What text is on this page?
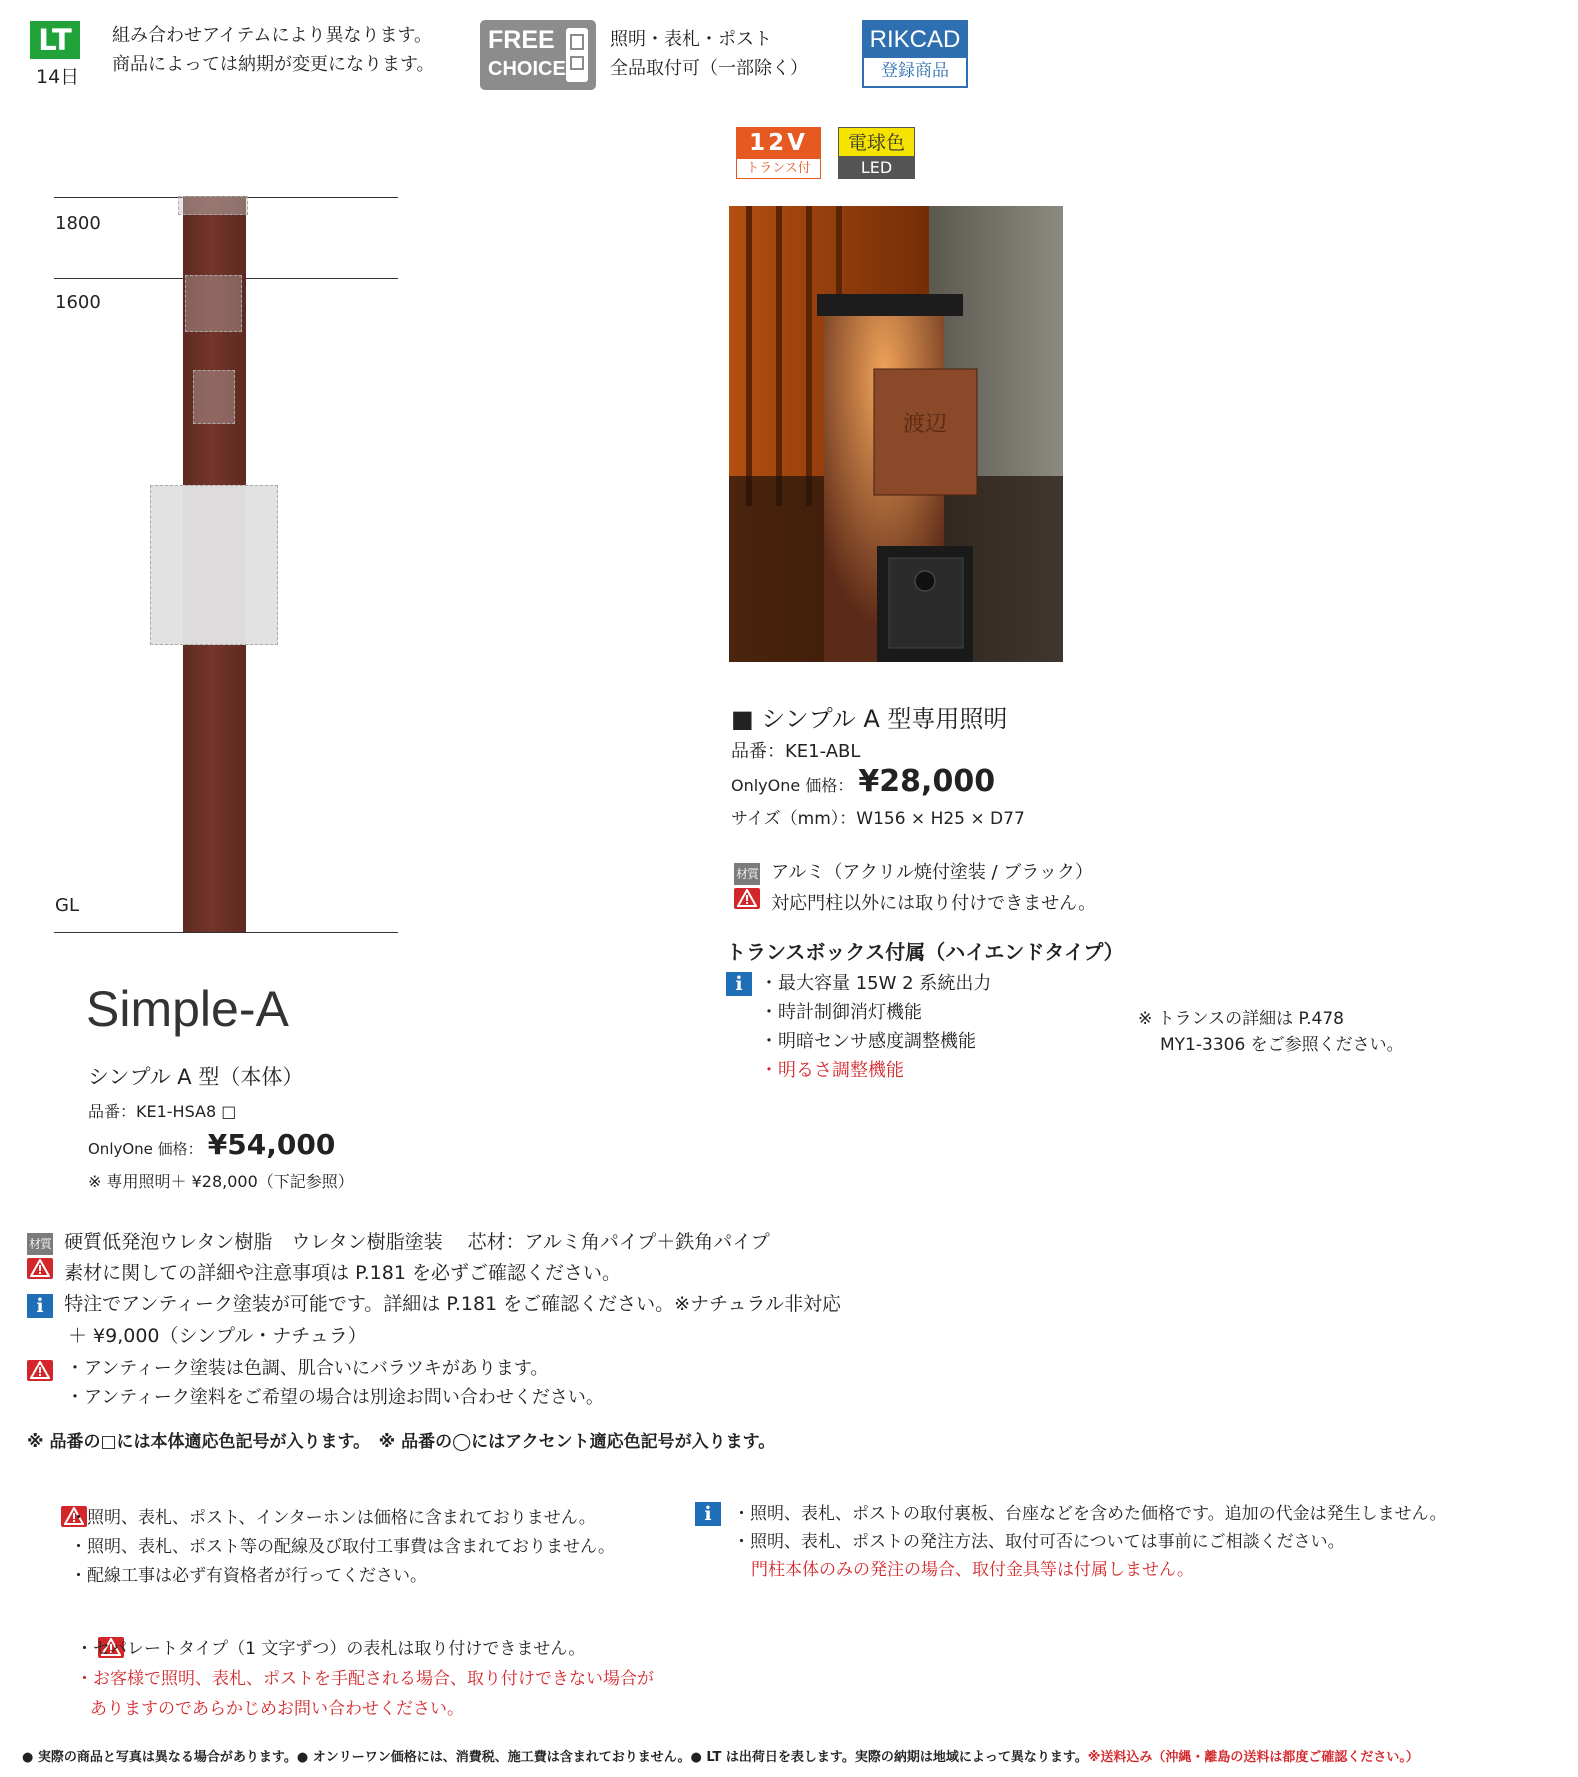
LT
14日
組み合わせアイテムにより異なります。
商品によっては納期が変更になります。
FREE
CHOICE
照明・表札・ポスト
全品取付可（一部除く）
RIKCAD
登録商品
12V
トランス付
電球色
LED
1800
1600
GL
Simple-A
シンプル A 型（本体）
品番：KE1-HSA8 □
OnlyOne 価格： ¥54,000
※ 専用照明＋ ¥28,000（下記参照）
渡辺
■ シンプル A 型専用照明
品番：KE1-ABL
OnlyOne 価格： ¥28,000
サイズ（mm）：W156 × H25 × D77
材質 アルミ（アクリル焼付塗装 / ブラック）
対応門柱以外には取り付けできません。
トランスボックス付属（ハイエンドタイプ）
i ・最大容量 15W 2 系統出力
・時計制御消灯機能
・明暗センサ感度調整機能
・明るさ調整機能
※ トランスの詳細は P.478
MY1-3306 をご参照ください。
材質 硬質低発泡ウレタン樹脂　ウレタン樹脂塗装　 芯材：アルミ角パイプ＋鉄角パイプ
素材に関しての詳細や注意事項は P.181 を必ずご確認ください。
i 特注でアンティーク塗装が可能です。詳細は P.181 をご確認ください。※ナチュラル非対応
＋ ¥9,000（シンプル・ナチュラ）

・アンティーク塗装は色調、肌合いにバラツキがあります。
・アンティーク塗料をご希望の場合は別途お問い合わせください。
※ 品番の□には本体適応色記号が入ります。　※ 品番の◯にはアクセント適応色記号が入ります。

・照明、表札、ポスト、インターホンは価格に含まれておりません。
・照明、表札、ポスト等の配線及び取付工事費は含まれておりません。
・配線工事は必ず有資格者が行ってください。
i	・照明、表札、ポストの取付裏板、台座などを含めた価格です。追加の代金は発生しません。
・照明、表札、ポストの発注方法、取付可否については事前にご相談ください。
門柱本体のみの発注の場合、取付金具等は付属しません。
・セパレートタイプ（1 文字ずつ）の表札は取り付けできません。
・お客様で照明、表札、ポストを手配される場合、取り付けできない場合が
ありますのであらかじめお問い合わせください。
● 実際の商品と写真は異なる場合があります。● オンリーワン価格には、消費税、施工費は含まれておりません。● LT は出荷日を表します。実際の納期は地域によって異なります。※送料込み（沖縄・離島の送料は都度ご確認ください。）
